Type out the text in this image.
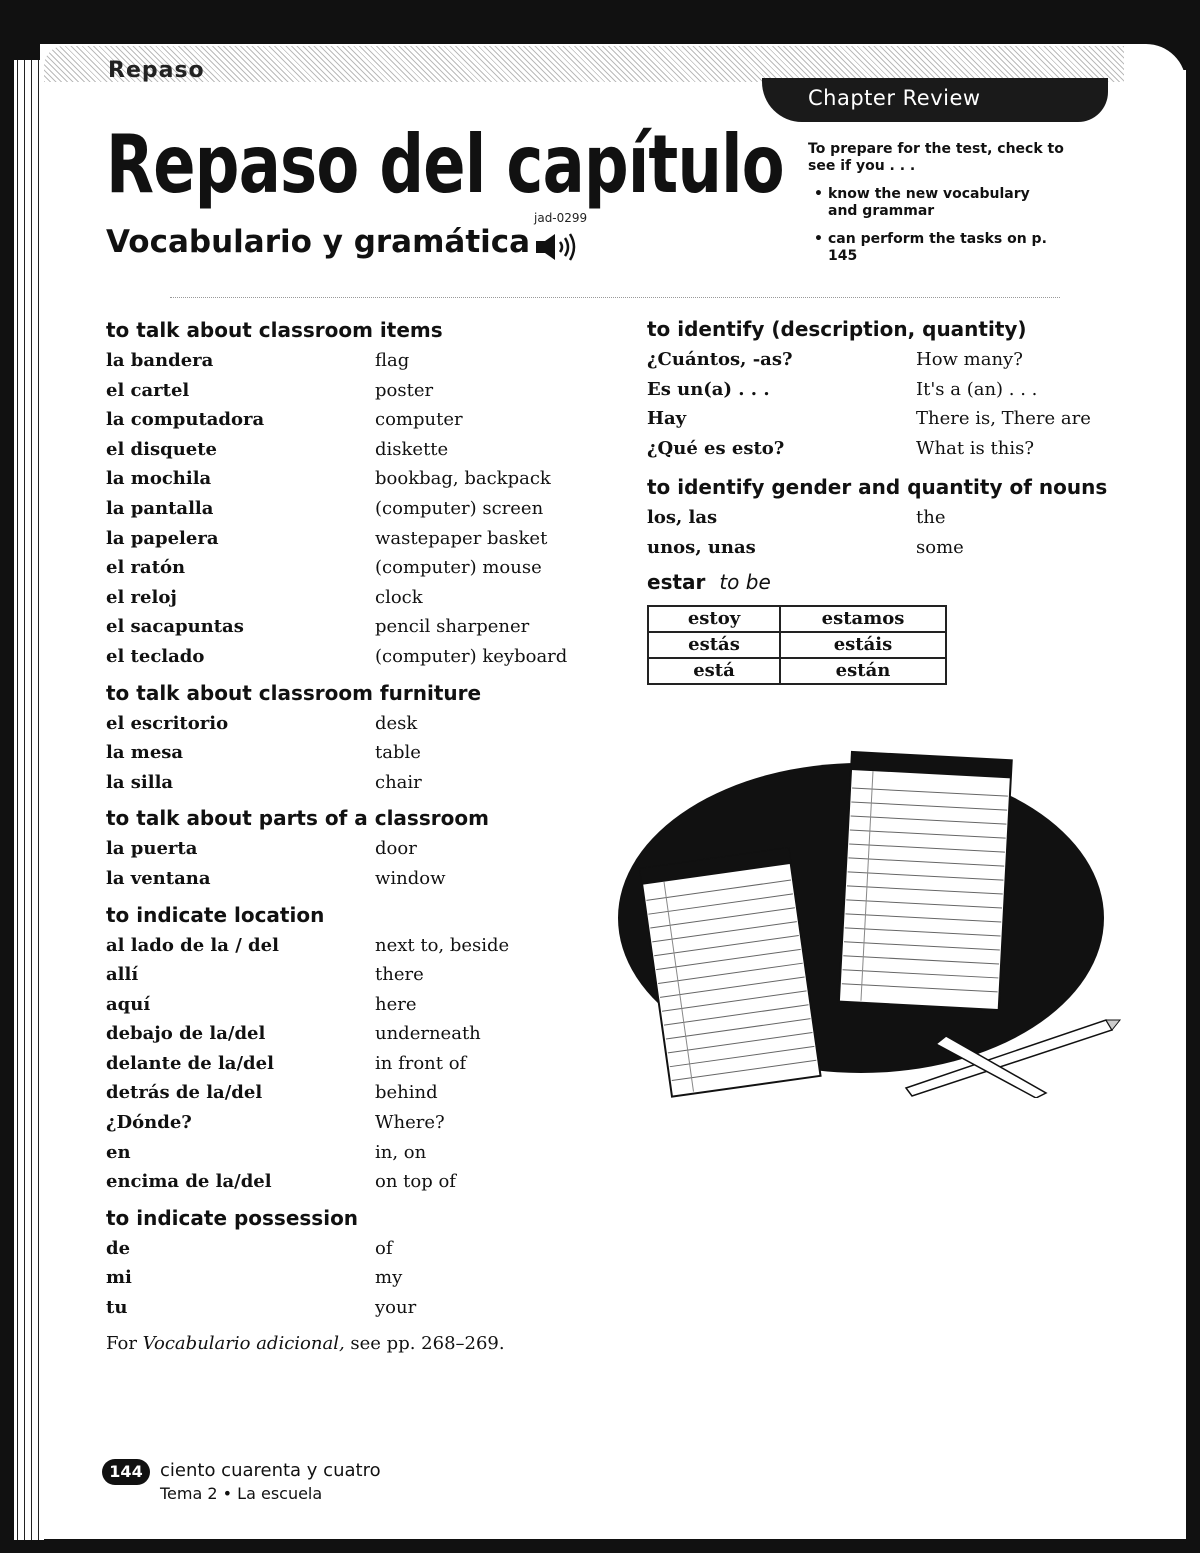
Repaso
Chapter Review
Repaso del capítulo
Vocabulario y gramática
jad-0299
To prepare for the test, check to see if you . . .
• know the new vocabulary and grammar
• can perform the tasks on p. 145
to talk about classroom items
la bandera	flag
el cartel	poster
la computadora	computer
el disquete	diskette
la mochila	bookbag, backpack
la pantalla	(computer) screen
la papelera	wastepaper basket
el ratón	(computer) mouse
el reloj	clock
el sacapuntas	pencil sharpener
el teclado	(computer) keyboard
to talk about classroom furniture
el escritorio	desk
la mesa	table
la silla	chair
to talk about parts of a classroom
la puerta	door
la ventana	window
to indicate location
al lado de la / del	next to, beside
allí	there
aquí	here
debajo de la/del	underneath
delante de la/del	in front of
detrás de la/del	behind
¿Dónde?	Where?
en	in, on
encima de la/del	on top of
to indicate possession
de	of
mi	my
tu	your
For Vocabulario adicional, see pp. 268–269.
to identify (description, quantity)
¿Cuántos, -as?	How many?
Es un(a) . . .	It's a (an) . . .
Hay	There is, There are
¿Qué es esto?	What is this?
to identify gender and quantity of nouns
los, las	the
unos, unas	some
estar to be
estoy	estamos
estás	estáis
está	están
144 ciento cuarenta y cuatro
Tema 2 • La escuela
